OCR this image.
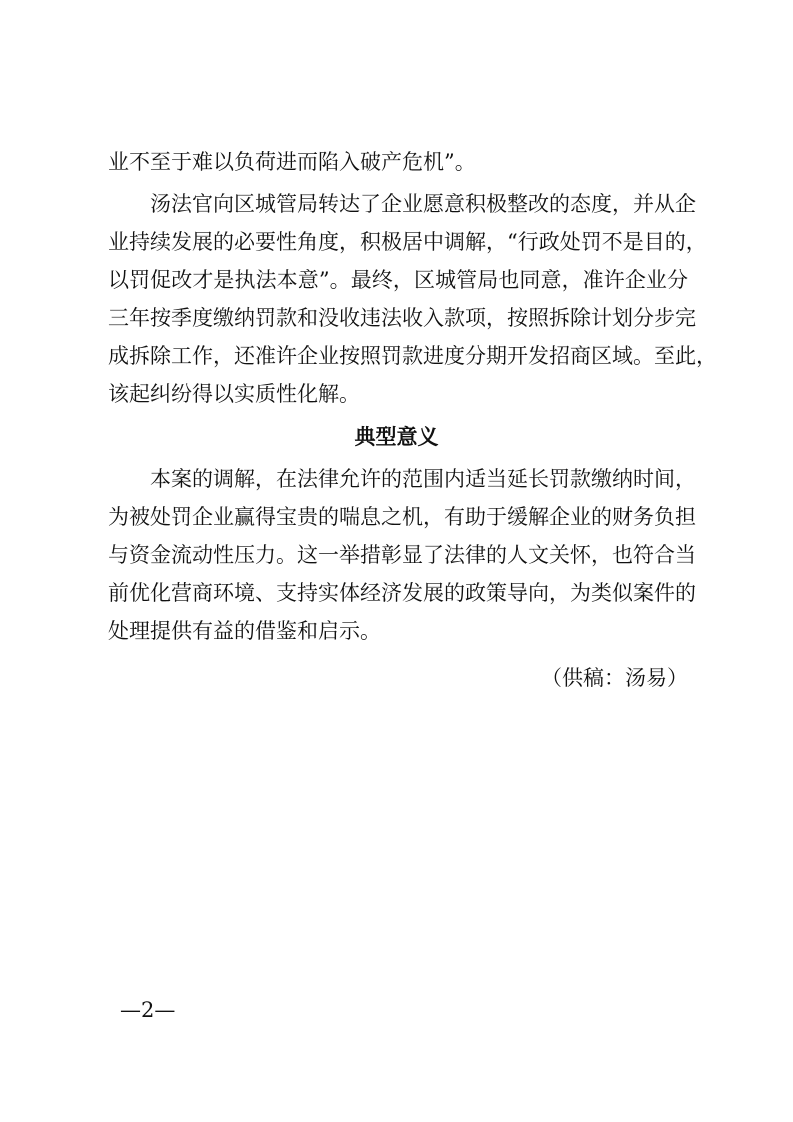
业不至于难以负荷进而陷入破产危机”。
汤法官向区城管局转达了企业愿意积极整改的态度，并从企
业持续发展的必要性角度，积极居中调解，“行政处罚不是目的，
以罚促改才是执法本意”。最终，区城管局也同意，准许企业分
三年按季度缴纳罚款和没收违法收入款项，按照拆除计划分步完
成拆除工作，还准许企业按照罚款进度分期开发招商区域。至此，
该起纠纷得以实质性化解。
典型意义
本案的调解，在法律允许的范围内适当延长罚款缴纳时间，
为被处罚企业赢得宝贵的喘息之机，有助于缓解企业的财务负担
与资金流动性压力。这一举措彰显了法律的人文关怀，也符合当
前优化营商环境、支持实体经济发展的政策导向，为类似案件的
处理提供有益的借鉴和启示。
（供稿：汤易）
—2—
